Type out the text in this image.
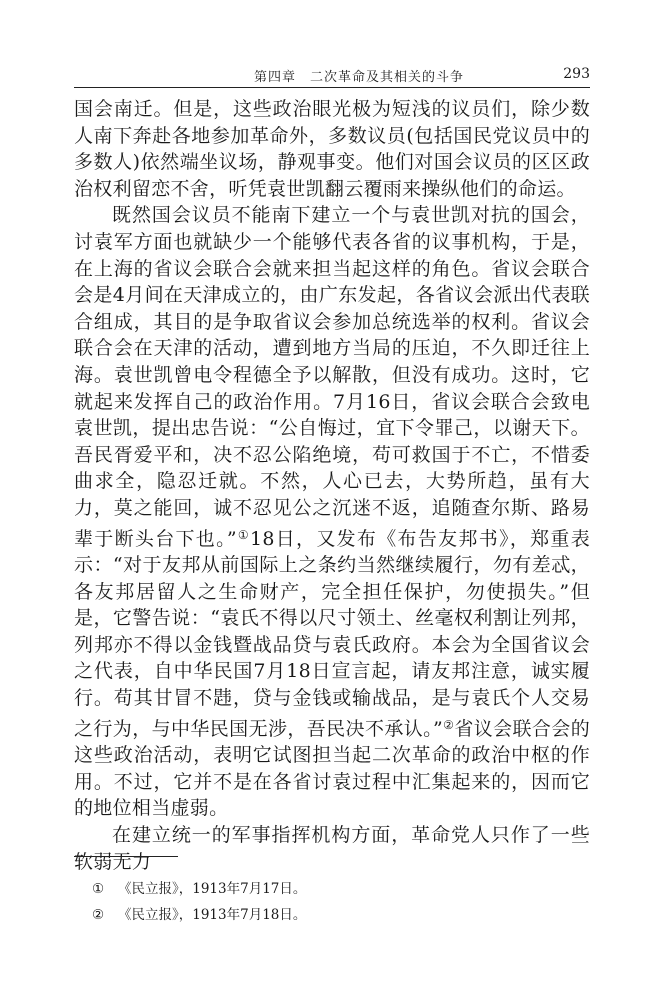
第四章　二次革命及其相关的斗争	293

国会南迁。但是，这些政治眼光极为短浅的议员们，除少数人南下奔赴各地参加革命外，多数议员(包括国民党议员中的多数人)依然端坐议场，静观事变。他们对国会议员的区区政治权利留恋不舍，听凭袁世凯翻云覆雨来操纵他们的命运。

既然国会议员不能南下建立一个与袁世凯对抗的国会，讨袁军方面也就缺少一个能够代表各省的议事机构，于是，在上海的省议会联合会就来担当起这样的角色。省议会联合会是4月间在天津成立的，由广东发起，各省议会派出代表联合组成，其目的是争取省议会参加总统选举的权利。省议会联合会在天津的活动，遭到地方当局的压迫，不久即迁往上海。袁世凯曾电令程德全予以解散，但没有成功。这时，它就起来发挥自己的政治作用。7月16日，省议会联合会致电袁世凯，提出忠告说：“公自悔过，宜下令罪己，以谢天下。吾民胥爱平和，决不忍公陷绝境，苟可救国于不亡，不惜委曲求全，隐忍迁就。不然，人心已去，大势所趋，虽有大力，莫之能回，诚不忍见公之沉迷不返，追随查尔斯、路易辈于断头台下也。”①18日，又发布《布告友邦书》，郑重表示：“对于友邦从前国际上之条约当然继续履行，勿有差忒，各友邦居留人之生命财产，完全担任保护，勿使损失。”但是，它警告说：“袁氏不得以尺寸领土、丝毫权利割让列邦，列邦亦不得以金钱暨战品贷与袁氏政府。本会为全国省议会之代表，自中华民国7月18日宣言起，请友邦注意，诚实履行。苟其甘冒不韪，贷与金钱或输战品，是与袁氏个人交易之行为，与中华民国无涉，吾民决不承认。”②省议会联合会的这些政治活动，表明它试图担当起二次革命的政治中枢的作用。不过，它并不是在各省讨袁过程中汇集起来的，因而它的地位相当虚弱。

在建立统一的军事指挥机构方面，革命党人只作了一些软弱无力

① 《民立报》，1913年7月17日。
② 《民立报》，1913年7月18日。
